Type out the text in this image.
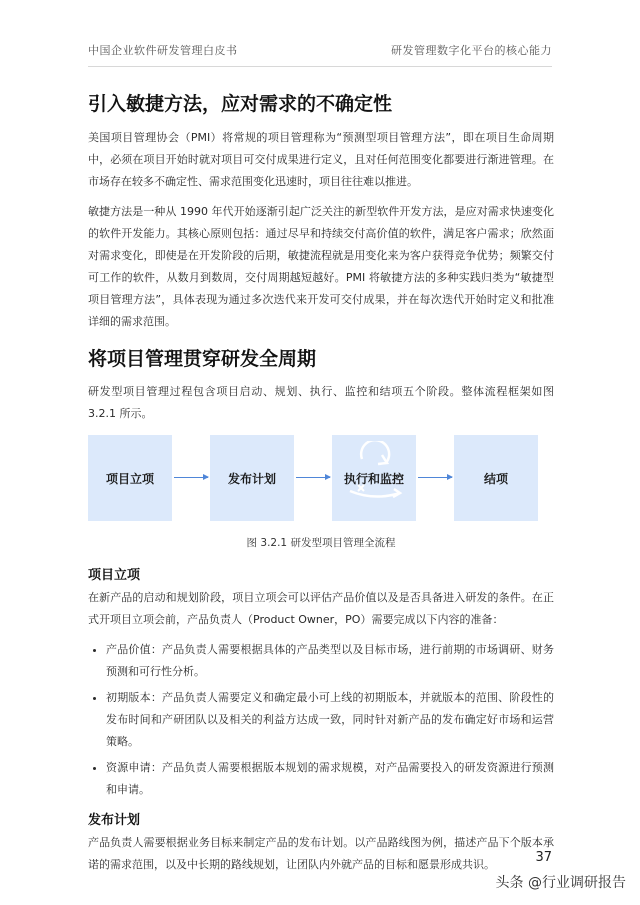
中国企业软件研发管理白皮书	研发管理数字化平台的核心能力
引入敏捷方法，应对需求的不确定性

美国项目管理协会（PMI）将常规的项目管理称为“预测型项目管理方法”，即在项目生命周期中，必须在项目开始时就对项目可交付成果进行定义，且对任何范围变化都要进行渐进管理。在市场存在较多不确定性、需求范围变化迅速时，项目往往难以推进。

敏捷方法是一种从 1990 年代开始逐渐引起广泛关注的新型软件开发方法，是应对需求快速变化的软件开发能力。其核心原则包括：通过尽早和持续交付高价值的软件，满足客户需求；欣然面对需求变化，即使是在开发阶段的后期，敏捷流程就是用变化来为客户获得竞争优势；频繁交付可工作的软件，从数月到数周，交付周期越短越好。PMI 将敏捷方法的多种实践归类为“敏捷型项目管理方法”，具体表现为通过多次迭代来开发可交付成果，并在每次迭代开始时定义和批准详细的需求范围。

将项目管理贯穿研发全周期

研发型项目管理过程包含项目启动、规划、执行、监控和结项五个阶段。整体流程框架如图 3.2.1 所示。

项目立项	发布计划	执行和监控	结项
图 3.2.1 研发型项目管理全流程
项目立项

在新产品的启动和规划阶段，项目立项会可以评估产品价值以及是否具备进入研发的条件。在正式开项目立项会前，产品负责人（Product Owner，PO）需要完成以下内容的准备：

• 产品价值：产品负责人需要根据具体的产品类型以及目标市场，进行前期的市场调研、财务预测和可行性分析。
• 初期版本：产品负责人需要定义和确定最小可上线的初期版本，并就版本的范围、阶段性的发布时间和产研团队以及相关的利益方达成一致，同时针对新产品的发布确定好市场和运营策略。
• 资源申请：产品负责人需要根据版本规划的需求规模，对产品需要投入的研发资源进行预测和申请。
发布计划

产品负责人需要根据业务目标来制定产品的发布计划。以产品路线图为例，描述产品下个版本承诺的需求范围，以及中长期的路线规划，让团队内外就产品的目标和愿景形成共识。	37
头条 @行业调研报告
